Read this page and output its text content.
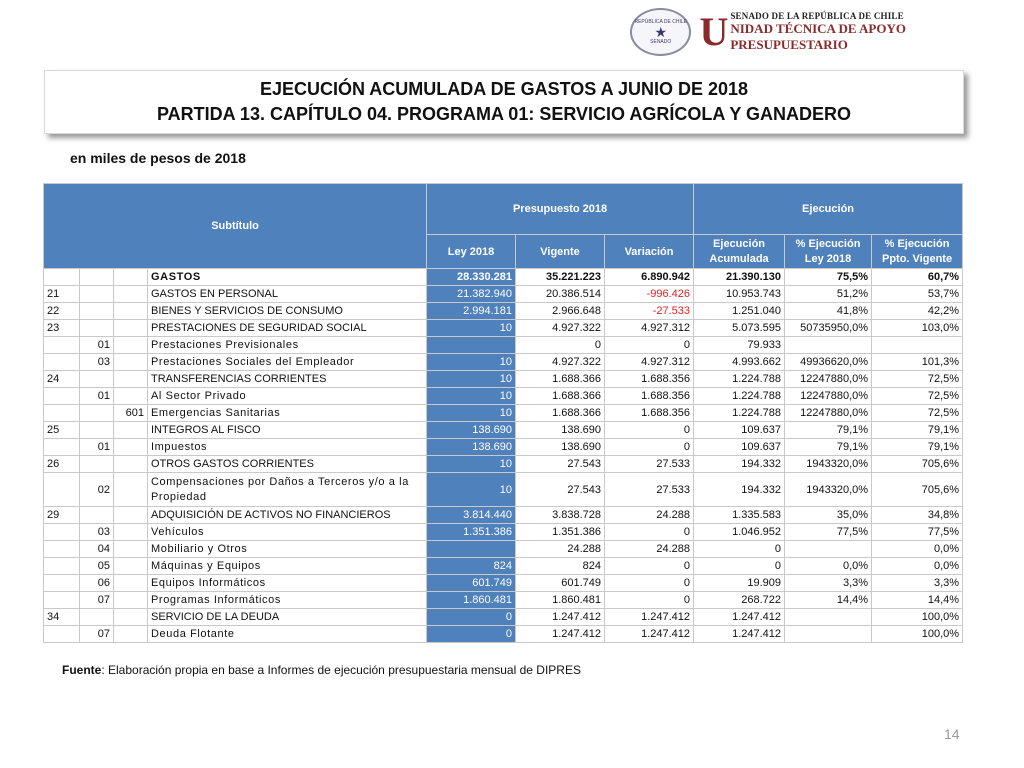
REPÚBLICA DE CHILE
★
SENADO U SENADO DE LA REPÚBLICA DE CHILE
NIDAD TÉCNICA DE APOYO PRESUPUESTARIO
EJECUCIÓN ACUMULADA DE GASTOS A JUNIO DE 2018
PARTIDA 13. CAPÍTULO 04. PROGRAMA 01: SERVICIO AGRÍCOLA Y GANADERO
en miles de pesos de 2018
Subtítulo				Presupuesto 2018			Ejecución		
				Ley 2018	Vigente	Variación	Ejecución Acumulada	% Ejecución Ley 2018	% Ejecución Ppto. Vigente
			GASTOS	28.330.281	35.221.223	6.890.942	21.390.130	75,5%	60,7%
21			GASTOS EN PERSONAL	21.382.940	20.386.514	-996.426	10.953.743	51,2%	53,7%
22			BIENES Y SERVICIOS DE CONSUMO	2.994.181	2.966.648	-27.533	1.251.040	41,8%	42,2%
23			PRESTACIONES DE SEGURIDAD SOCIAL	10	4.927.322	4.927.312	5.073.595	50735950,0%	103,0%
	01		Prestaciones Previsionales		0	0	79.933		
	03		Prestaciones Sociales del Empleador	10	4.927.322	4.927.312	4.993.662	49936620,0%	101,3%
24			TRANSFERENCIAS CORRIENTES	10	1.688.366	1.688.356	1.224.788	12247880,0%	72,5%
	01		Al Sector Privado	10	1.688.366	1.688.356	1.224.788	12247880,0%	72,5%
		601	Emergencias Sanitarias	10	1.688.366	1.688.356	1.224.788	12247880,0%	72,5%
25			INTEGROS AL FISCO	138.690	138.690	0	109.637	79,1%	79,1%
	01		Impuestos	138.690	138.690	0	109.637	79,1%	79,1%
26			OTROS GASTOS CORRIENTES	10	27.543	27.533	194.332	1943320,0%	705,6%
	02		Compensaciones por Daños a Terceros y/o a la Propiedad	10	27.543	27.533	194.332	1943320,0%	705,6%
29			ADQUISICIÓN DE ACTIVOS NO FINANCIEROS	3.814.440	3.838.728	24.288	1.335.583	35,0%	34,8%
	03		Vehículos	1.351.386	1.351.386	0	1.046.952	77,5%	77,5%
	04		Mobiliario y Otros		24.288	24.288	0		0,0%
	05		Máquinas y Equipos	824	824	0	0	0,0%	0,0%
	06		Equipos Informáticos	601.749	601.749	0	19.909	3,3%	3,3%
	07		Programas Informáticos	1.860.481	1.860.481	0	268.722	14,4%	14,4%
34			SERVICIO DE LA DEUDA	0	1.247.412	1.247.412	1.247.412		100,0%
	07		Deuda Flotante	0	1.247.412	1.247.412	1.247.412		100,0%
Fuente: Elaboración propia en base a Informes de ejecución presupuestaria mensual de DIPRES
14
